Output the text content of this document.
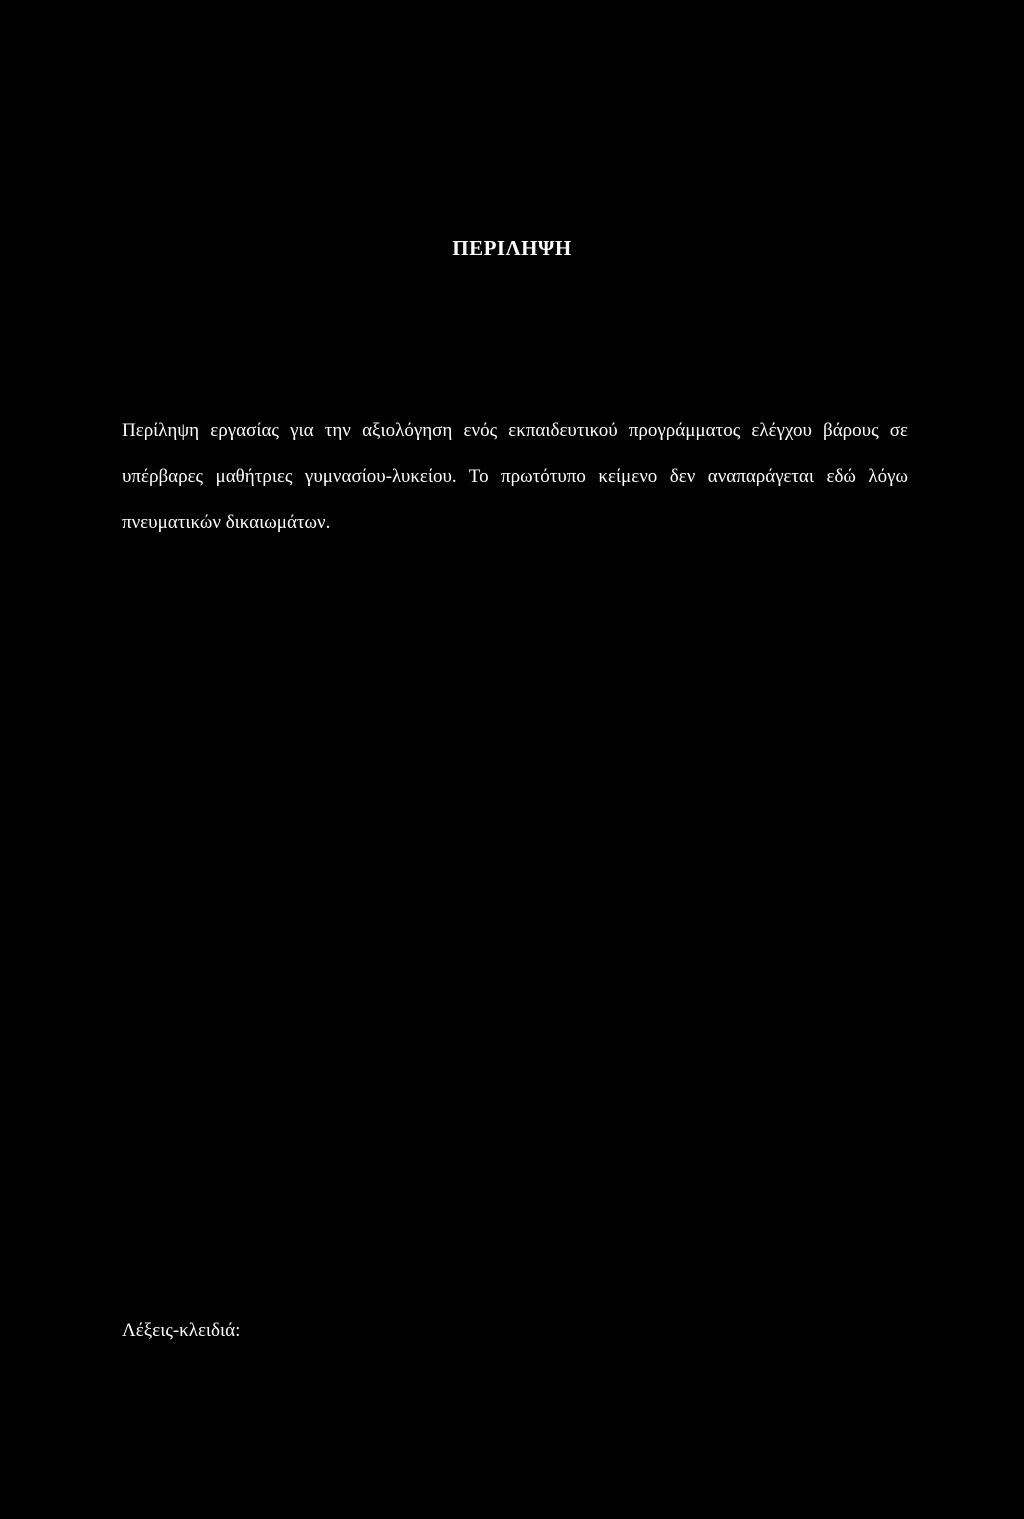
ΠΕΡΙΛΗΨΗ
Περίληψη εργασίας για την αξιολόγηση ενός εκπαιδευτικού προγράμματος ελέγχου βάρους σε υπέρβαρες μαθήτριες γυμνασίου-λυκείου. Το πρωτότυπο κείμενο δεν αναπαράγεται εδώ λόγω πνευματικών δικαιωμάτων.
Λέξεις-κλειδιά:
